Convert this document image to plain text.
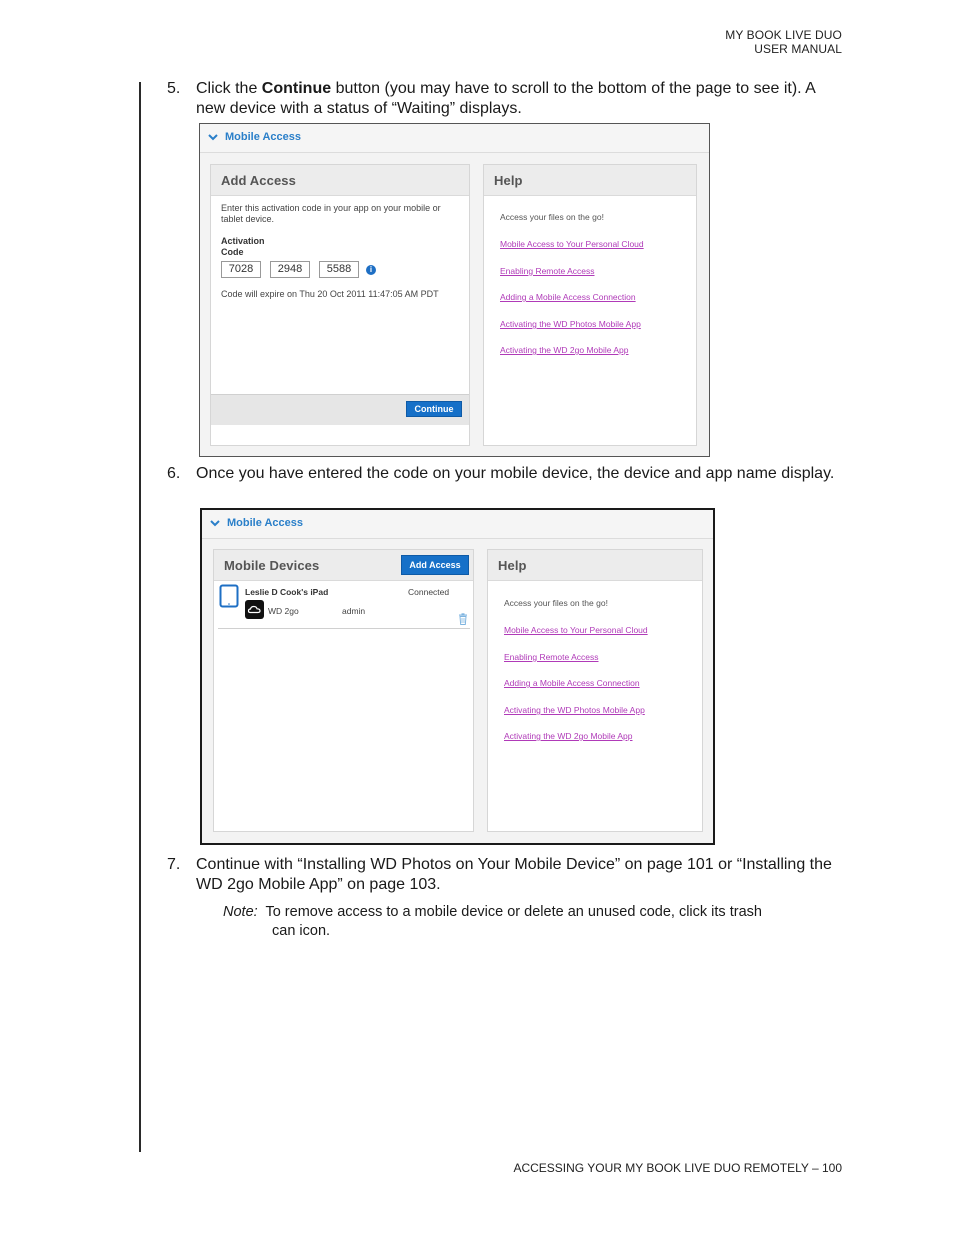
MY BOOK LIVE DUO
USER MANUAL
5. Click the Continue button (you may have to scroll to the bottom of the page to see it). A new device with a status of “Waiting” displays.
Mobile Access
Add Access
Enter this activation code in your app on your mobile or
tablet device.
Activation
Code
7028	2948	5588	i
Code will expire on Thu 20 Oct 2011 11:47:05 AM PDT
Continue
Help
Access your files on the go!
Mobile Access to Your Personal Cloud
Enabling Remote Access
Adding a Mobile Access Connection
Activating the WD Photos Mobile App
Activating the WD 2go Mobile App
6. Once you have entered the code on your mobile device, the device and app name display.
Mobile Access
Mobile Devices	Add Access
Leslie D Cook's iPad	Connected
WD 2go	admin
Help
Access your files on the go!
Mobile Access to Your Personal Cloud
Enabling Remote Access
Adding a Mobile Access Connection
Activating the WD Photos Mobile App
Activating the WD 2go Mobile App
7. Continue with “Installing WD Photos on Your Mobile Device” on page 101 or “Installing the WD 2go Mobile App” on page 103.
Note: To remove access to a mobile device or delete an unused code, click its trash
can icon.
ACCESSING YOUR MY BOOK LIVE DUO REMOTELY – 100
